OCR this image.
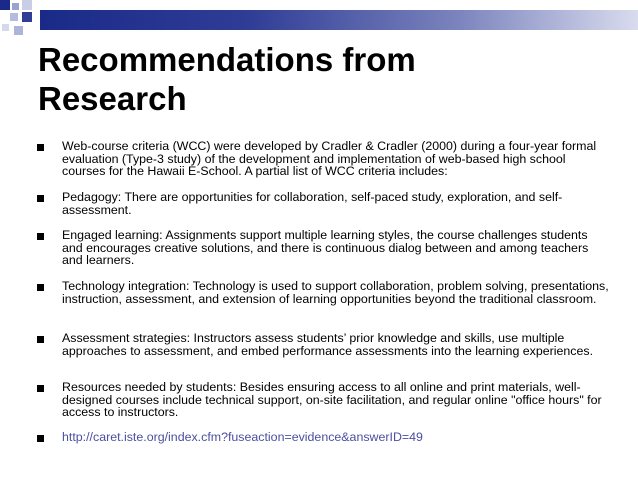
Recommendations from
Research
Web-course criteria (WCC) were developed by Cradler & Cradler (2000) during a four-year formal evaluation (Type-3 study) of the development and implementation of web-based high school courses for the Hawaii E-School. A partial list of WCC criteria includes:
Pedagogy: There are opportunities for collaboration, self-paced study, exploration, and self-assessment.
Engaged learning: Assignments support multiple learning styles, the course challenges students and encourages creative solutions, and there is continuous dialog between and among teachers and learners.
Technology integration: Technology is used to support collaboration, problem solving, presentations, instruction, assessment, and extension of learning opportunities beyond the traditional classroom.
Assessment strategies: Instructors assess students’ prior knowledge and skills, use multiple approaches to assessment, and embed performance assessments into the learning experiences.
Resources needed by students: Besides ensuring access to all online and print materials, well-designed courses include technical support, on-site facilitation, and regular online "office hours" for access to instructors.
http://caret.iste.org/index.cfm?fuseaction=evidence&answerID=49
